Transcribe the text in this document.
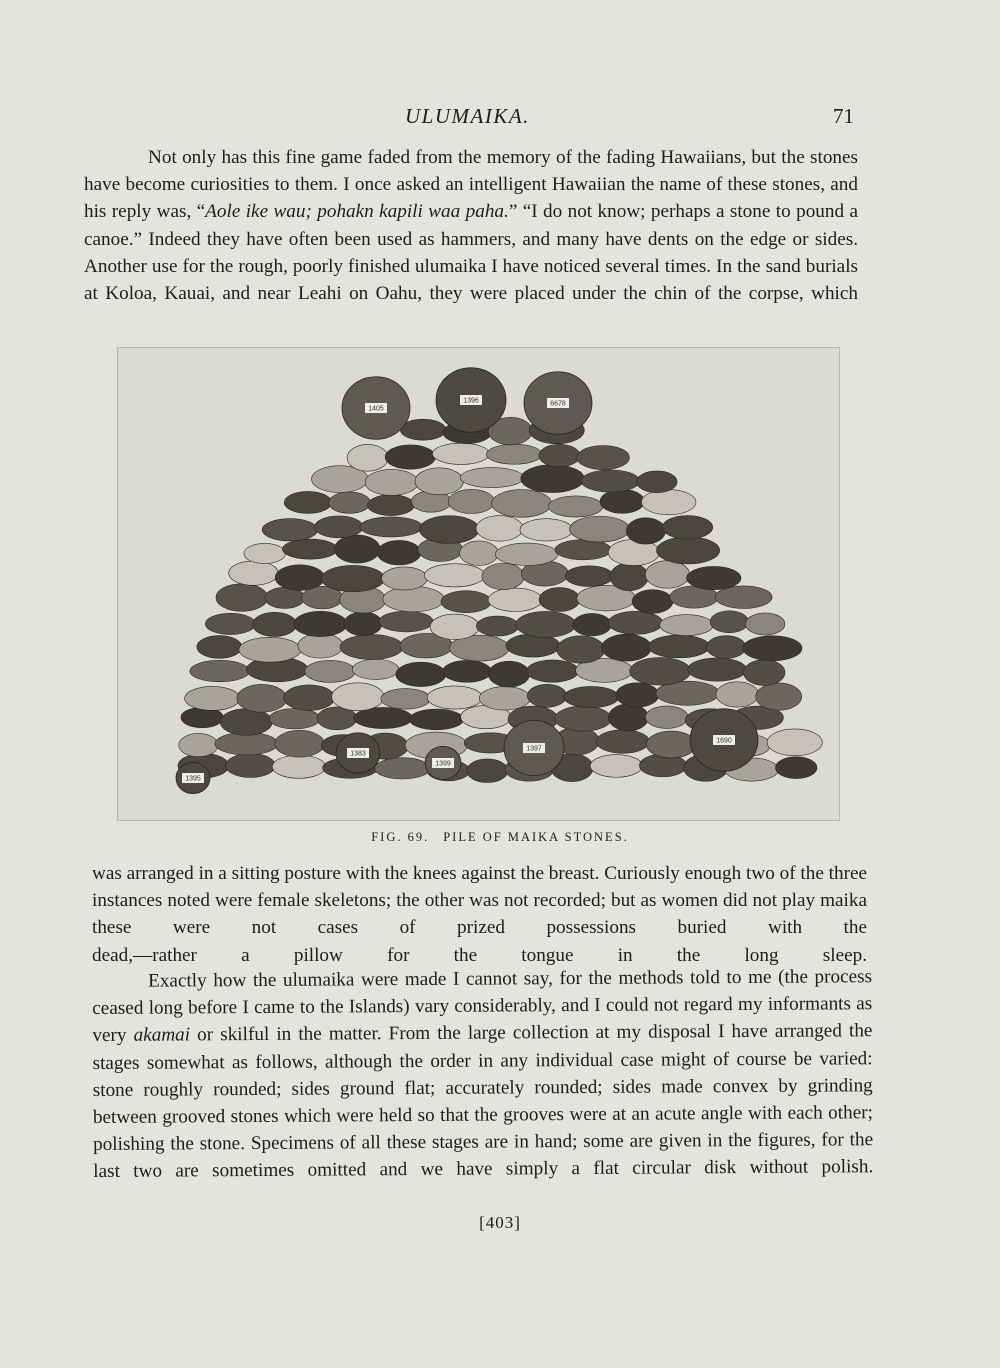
ULUMAIKA.	71

Not only has this fine game faded from the memory of the fading Hawaiians, but the stones have become curiosities to them. I once asked an intelligent Hawaiian the name of these stones, and his reply was, “Aole ike wau; pohakn kapili waa paha.” “I do not know; perhaps a stone to pound a canoe.” Indeed they have often been used as hammers, and many have dents on the edge or sides. Another use for the rough, poorly finished ulumaika I have noticed several times. In the sand burials at Koloa, Kauai, and near Leahi on Oahu, they were placed under the chin of the corpse, which

1405
1396	6678
1690
1397
1383
1399
1395
FIG. 69. PILE OF MAIKA STONES.

was arranged in a sitting posture with the knees against the breast. Curiously enough two of the three instances noted were female skeletons; the other was not recorded; but as women did not play maika these were not cases of prized possessions buried with the
dead,—rather a pillow for the tongue in the long sleep.

Exactly how the ulumaika were made I cannot say, for the methods told to me (the process ceased long before I came to the Islands) vary considerably, and I could not regard my informants as very akamai or skilful in the matter. From the large collection at my disposal I have arranged the stages somewhat as follows, although the order in any individual case might of course be varied: stone roughly rounded; sides ground flat; accurately rounded; sides made convex by grinding between grooved stones which were held so that the grooves were at an acute angle with each other; polishing the stone. Specimens of all these stages are in hand; some are given in the figures, for the
last two are sometimes omitted and we have simply a flat circular disk without polish.

[403]
